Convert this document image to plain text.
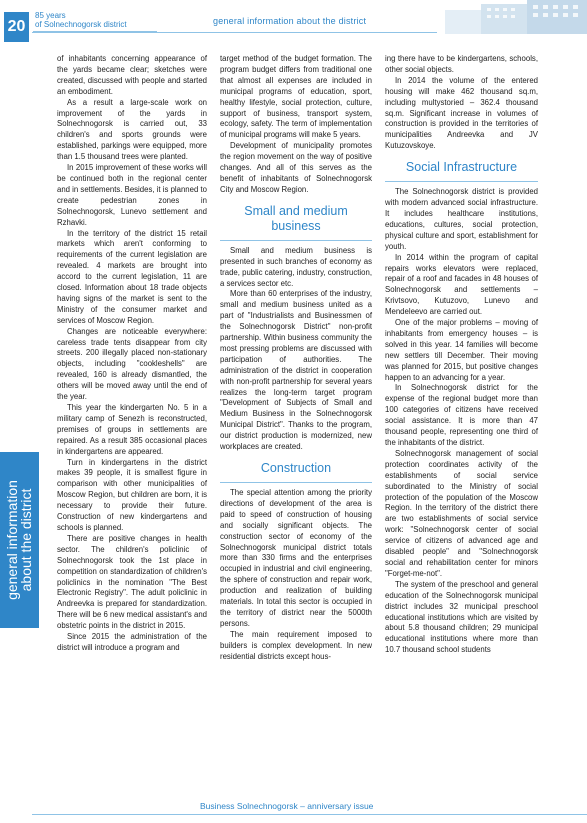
20
85 years
of Solnechnogorsk district	general information about the district
general information
about the district

of inhabitants concerning appearance of the yards became clear; sketches were created, discussed with people and started an embodiment.

As a result a large-scale work on improvement of the yards in Solnechnogorsk is carried out, 33 children's and sports grounds were established, parkings were equipped, more than 1.5 thousand trees were planted.

In 2015 improvement of these works will be continued both in the regional center and in settlements. Besides, it is planned to create pedestrian zones in Solnechnogorsk, Lunevo settlement and Rzhavki.

In the territory of the district 15 retail markets which aren't conforming to requirements of the current legislation are revealed. 4 markets are brought into accord to the current legislation, 11 are closed. Information about 18 trade objects having signs of the market is sent to the Ministry of the consumer market and services of Moscow Region.

Changes are noticeable everywhere: careless trade tents disappear from city streets. 200 illegally placed non-stationary objects, including "cookleshells" are revealed, 160 is already dismantled, the others will be moved away until the end of the year.

This year the kindergarten No. 5 in a military camp of Senezh is reconstructed, premises of groups in settlements are repaired. As a result 385 occasional places in kindergartens are appeared.

Turn in kindergartens in the district makes 39 people, it is smallest figure in comparison with other municipalities of Moscow Region, but children are born, it is necessary to provide their future. Construction of new kindergartens and schools is planned.

There are positive changes in health sector. The children's policlinic of Solnechnogorsk took the 1st place in competition on standardization of children's policlinics in the nomination "The Best Electronic Registry". The adult policlinic in Andreevka is prepared for standardization. There will be 6 new medical assistant's and obstetric points in the district in 2015.

Since 2015 the administration of the district will introduce a program and

target method of the budget formation. The program budget differs from traditional one that almost all expenses are included in municipal programs of education, sport, healthy lifestyle, social protection, culture, support of business, transport system, ecology, safety. The term of implementation of municipal programs will make 5 years.

Development of municipality promotes the region movement on the way of positive changes. And all of this serves as the benefit of inhabitants of Solnechnogorsk City and Moscow Region.

Small and medium business

Small and medium business is presented in such branches of economy as trade, public catering, industry, construction, a services sector etc.

More than 60 enterprises of the industry, small and medium business united as a part of "Industrialists and Businessmen of the Solnechnogorsk District" non-profit partnership. Within business community the most pressing problems are discussed with participation of authorities. The administration of the district in cooperation with non-profit partnership for several years realizes the long-term target program "Development of Subjects of Small and Medium Business in the Solnechnogorsk Municipal District". Thanks to the program, our district production is modernized, new workplaces are created.

Construction

The special attention among the priority directions of development of the area is paid to speed of construction of housing and socially significant objects. The construction sector of economy of the Solnechnogorsk municipal district totals more than 330 firms and the enterprises occupied in industrial and civil engineering, the sphere of construction and repair work, production and realization of building materials. In total this sector is occupied in the territory of district near the 5000th persons.

The main requirement imposed to builders is complex development. In new residential districts except hous-

ing there have to be kindergartens, schools, other social objects.

In 2014 the volume of the entered housing will make 462 thousand sq.m, including multystoried – 362.4 thousand sq.m. Significant increase in volumes of construction is provided in the territories of municipalities Andreevka and JV Kutuzovskoye.

Social Infrastructure

The Solnechnogorsk district is provided with modern advanced social infrastructure. It includes healthcare institutions, educations, cultures, social protection, physical culture and sport, establishment for youth.

In 2014 within the program of capital repairs works elevators were replaced, repair of a roof and facades in 48 houses of Solnechnogorsk and settlements – Krivtsovo, Kutuzovo, Lunevo and Mendeleevo are carried out.

One of the major problems – moving of inhabitants from emergency houses – is solved in this year. 14 families will become new settlers till December. Their moving was planned for 2015, but positive changes happen to an advancing for a year.

In Solnechnogorsk district for the expense of the regional budget more than 100 categories of citizens have received social assistance. It is more than 47 thousand people, representing one third of the inhabitants of the district.

Solnechnogorsk management of social protection coordinates activity of the establishments of social service subordinated to the Ministry of social protection of the population of the Moscow Region. In the territory of the district there are two establishments of social service work: "Solnechnogorsk center of social service of citizens of advanced age and disabled people" and "Solnechnogorsk social and rehabilitation center for minors "Forget-me-not".

The system of the preschool and general education of the Solnechnogorsk municipal district includes 32 municipal preschool educational institutions which are visited by about 5.8 thousand children; 29 municipal educational institutions where more than 10.7 thousand school students

Business Solnechnogorsk – anniversary issue
